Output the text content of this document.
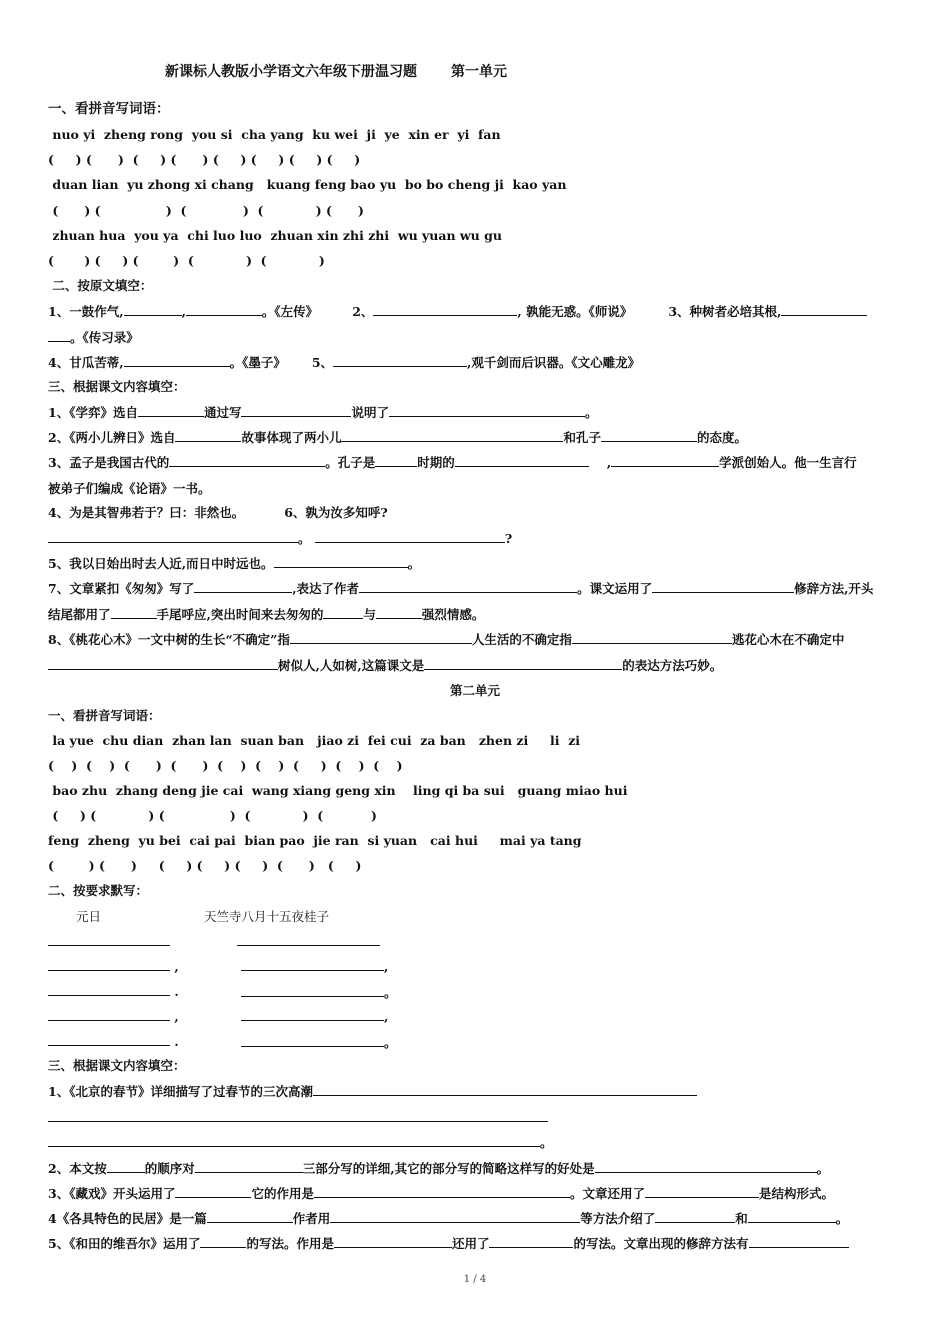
新课标人教版小学语文六年级下册温习题 第一单元
一、看拼音写词语：
nuo yi  zheng rong  you si  cha yang  ku wei  ji  ye  xin er  yi  fan
(     ) (      )  (     ) (      ) (     ) (     ) (     ) (     )
duan lian  yu zhong xi chang   kuang feng bao yu  bo bo cheng ji  kao yan
(      ) (               )  (             )  (            ) (      )
zhuan hua  you ya  chi luo luo  zhuan xin zhi zhi  wu yuan wu gu
(       ) (     ) (        )  (            )  (            )
二、按原文填空：
1、一鼓作气,	,	。《左传》	2、	, 孰能无惑。《师说》	3、种树者必培其根,
。《传习录》
4、甘瓜苦蒂,	。《墨子》 5、	,观千剑而后识器。《文心雕龙》
三、根据课文内容填空：
1、《学弈》选自	通过写	说明了	。
2、《两小儿辨日》选自	故事体现了两小儿	和孔子	的态度。
3、孟子是我国古代的	。孔子是	时期的	,	学派创始人。他一生言行
被弟子们编成《论语》一书。
4、为是其智弗若于？曰：非然也。	6、孰为汝多知呼?
。	?
5、我以日始出时去人近,而日中时远也。	。
7、文章紧扣《匆匆》写了	,表达了作者	。课文运用了	修辞方法,开头
结尾都用了	手尾呼应,突出时间来去匆匆的	与	强烈情感。
8、《桃花心木》一文中树的生长“不确定”指	人生活的不确定指	逃花心木在不确定中
树似人,人如树,这篇课文是	的表达方法巧妙。
第二单元
一、看拼音写词语：
la yue  chu dian  zhan lan  suan ban   jiao zi  fei cui  za ban   zhen zi     li  zi
(    )  (    )  (      )  (      )  (    )  (    )  (     )  (    )  (    )
bao zhu  zhang deng jie cai  wang xiang geng xin    ling qi ba sui   guang miao hui
(     ) (            ) (               )  (            )  (           )
feng  zheng  yu bei  cai pai  bian pao  jie ran  si yuan   cai hui     mai ya tang
(        ) (      )     (     ) (     ) (     )  (      )   (     )
二、按要求默写：
元日	天竺寺八月十五夜桂子
,	,
.	。
,	,
.	。
三、根据课文内容填空：
1、《北京的春节》详细描写了过春节的三次高潮
。
2、本文按	的顺序对	三部分写的详细,其它的部分写的简略这样写的好处是	。
3、《藏戏》开头运用了	它的作用是	。文章还用了	是结构形式。
4《各具特色的民居》是一篇	作者用	等方法介绍了	和	。
5、《和田的维吾尔》运用了	的写法。作用是	还用了	的写法。文章出现的修辞方法有
1 / 4
